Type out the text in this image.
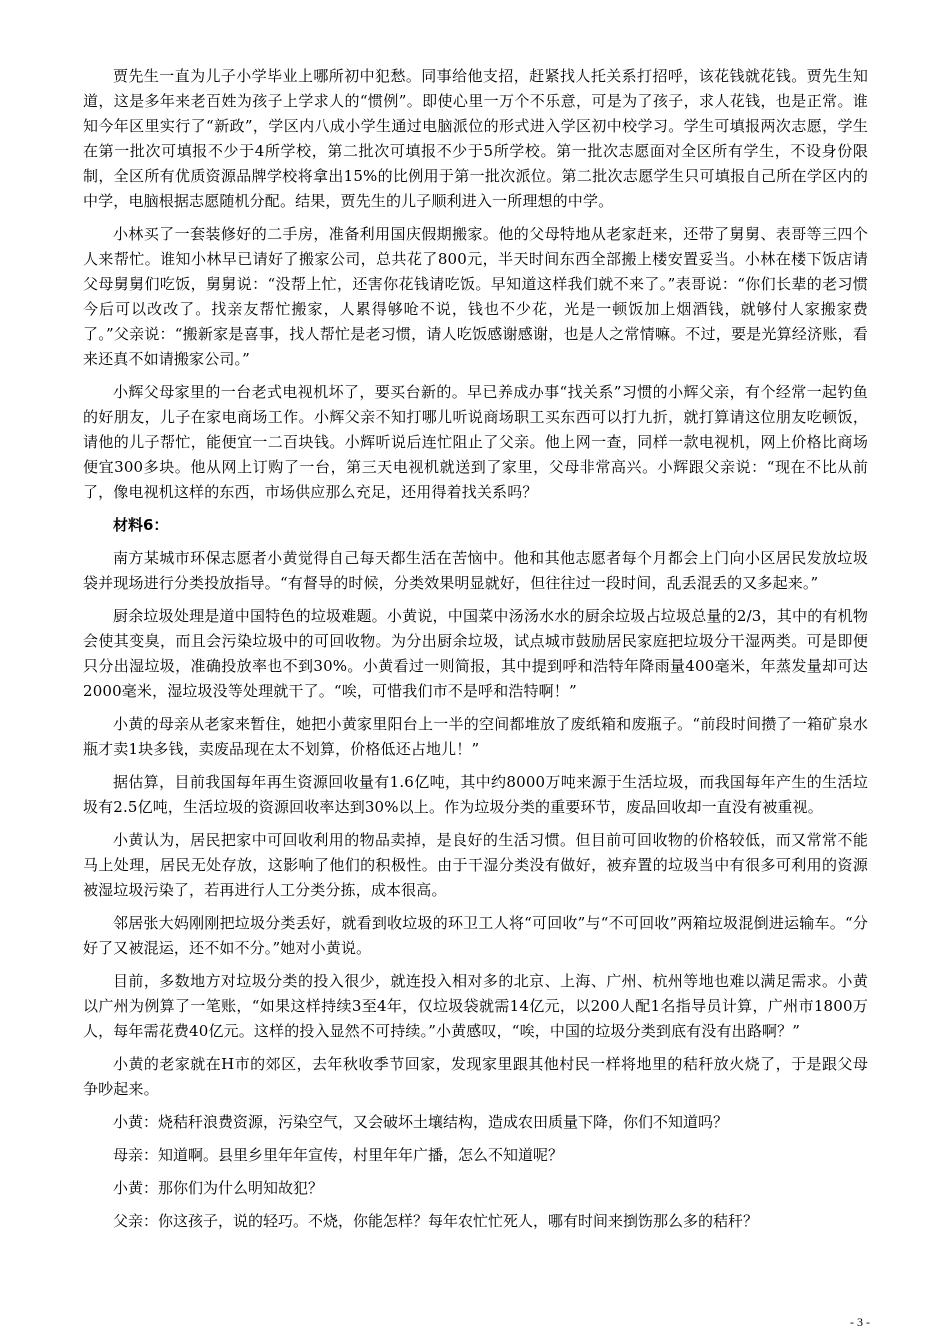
贾先生一直为儿子小学毕业上哪所初中犯愁。同事给他支招，赶紧找人托关系打招呼，该花钱就花钱。贾先生知道，这是多年来老百姓为孩子上学求人的“惯例”。即使心里一万个不乐意，可是为了孩子，求人花钱，也是正常。谁知今年区里实行了“新政”，学区内八成小学生通过电脑派位的形式进入学区初中校学习。学生可填报两次志愿，学生在第一批次可填报不少于4所学校，第二批次可填报不少于5所学校。第一批次志愿面对全区所有学生，不设身份限制，全区所有优质资源品牌学校将拿出15%的比例用于第一批次派位。第二批次志愿学生只可填报自己所在学区内的中学，电脑根据志愿随机分配。结果，贾先生的儿子顺利进入一所理想的中学。

小林买了一套装修好的二手房，准备利用国庆假期搬家。他的父母特地从老家赶来，还带了舅舅、表哥等三四个人来帮忙。谁知小林早已请好了搬家公司，总共花了800元，半天时间东西全部搬上楼安置妥当。小林在楼下饭店请父母舅舅们吃饭，舅舅说：“没帮上忙，还害你花钱请吃饭。早知道这样我们就不来了。”表哥说：“你们长辈的老习惯今后可以改改了。找亲友帮忙搬家，人累得够呛不说，钱也不少花，光是一顿饭加上烟酒钱，就够付人家搬家费了。”父亲说：“搬新家是喜事，找人帮忙是老习惯，请人吃饭感谢感谢，也是人之常情嘛。不过，要是光算经济账，看来还真不如请搬家公司。”

小辉父母家里的一台老式电视机坏了，要买台新的。早已养成办事“找关系”习惯的小辉父亲，有个经常一起钓鱼的好朋友，儿子在家电商场工作。小辉父亲不知打哪儿听说商场职工买东西可以打九折，就打算请这位朋友吃顿饭，请他的儿子帮忙，能便宜一二百块钱。小辉听说后连忙阻止了父亲。他上网一查，同样一款电视机，网上价格比商场便宜300多块。他从网上订购了一台，第三天电视机就送到了家里，父母非常高兴。小辉跟父亲说：“现在不比从前了，像电视机这样的东西，市场供应那么充足，还用得着找关系吗？

材料6：

南方某城市环保志愿者小黄觉得自己每天都生活在苦恼中。他和其他志愿者每个月都会上门向小区居民发放垃圾袋并现场进行分类投放指导。“有督导的时候，分类效果明显就好，但往往过一段时间，乱丢混丢的又多起来。”

厨余垃圾处理是道中国特色的垃圾难题。小黄说，中国菜中汤汤水水的厨余垃圾占垃圾总量的2/3，其中的有机物会使其变臭，而且会污染垃圾中的可回收物。为分出厨余垃圾，试点城市鼓励居民家庭把垃圾分干湿两类。可是即便只分出湿垃圾，准确投放率也不到30%。小黄看过一则简报，其中提到呼和浩特年降雨量400毫米，年蒸发量却可达2000毫米，湿垃圾没等处理就干了。“唉，可惜我们市不是呼和浩特啊！”

小黄的母亲从老家来暂住，她把小黄家里阳台上一半的空间都堆放了废纸箱和废瓶子。“前段时间攒了一箱矿泉水瓶才卖1块多钱，卖废品现在太不划算，价格低还占地儿！”

据估算，目前我国每年再生资源回收量有1.6亿吨，其中约8000万吨来源于生活垃圾，而我国每年产生的生活垃圾有2.5亿吨，生活垃圾的资源回收率达到30%以上。作为垃圾分类的重要环节，废品回收却一直没有被重视。

小黄认为，居民把家中可回收利用的物品卖掉，是良好的生活习惯。但目前可回收物的价格较低，而又常常不能马上处理，居民无处存放，这影响了他们的积极性。由于干湿分类没有做好，被弃置的垃圾当中有很多可利用的资源被湿垃圾污染了，若再进行人工分类分拣，成本很高。

邻居张大妈刚刚把垃圾分类丢好，就看到收垃圾的环卫工人将“可回收”与“不可回收”两箱垃圾混倒进运输车。“分好了又被混运，还不如不分。”她对小黄说。

目前，多数地方对垃圾分类的投入很少，就连投入相对多的北京、上海、广州、杭州等地也难以满足需求。小黄以广州为例算了一笔账，“如果这样持续3至4年，仅垃圾袋就需14亿元，以200人配1名指导员计算，广州市1800万人，每年需花费40亿元。这样的投入显然不可持续。”小黄感叹，“唉，中国的垃圾分类到底有没有出路啊？”

小黄的老家就在H市的郊区，去年秋收季节回家，发现家里跟其他村民一样将地里的秸秆放火烧了，于是跟父母争吵起来。

小黄：烧秸秆浪费资源，污染空气，又会破坏土壤结构，造成农田质量下降，你们不知道吗？

母亲：知道啊。县里乡里年年宣传，村里年年广播，怎么不知道呢？

小黄：那你们为什么明知故犯？

父亲：你这孩子，说的轻巧。不烧，你能怎样？每年农忙忙死人，哪有时间来捯饬那么多的秸秆？

- 3 -
